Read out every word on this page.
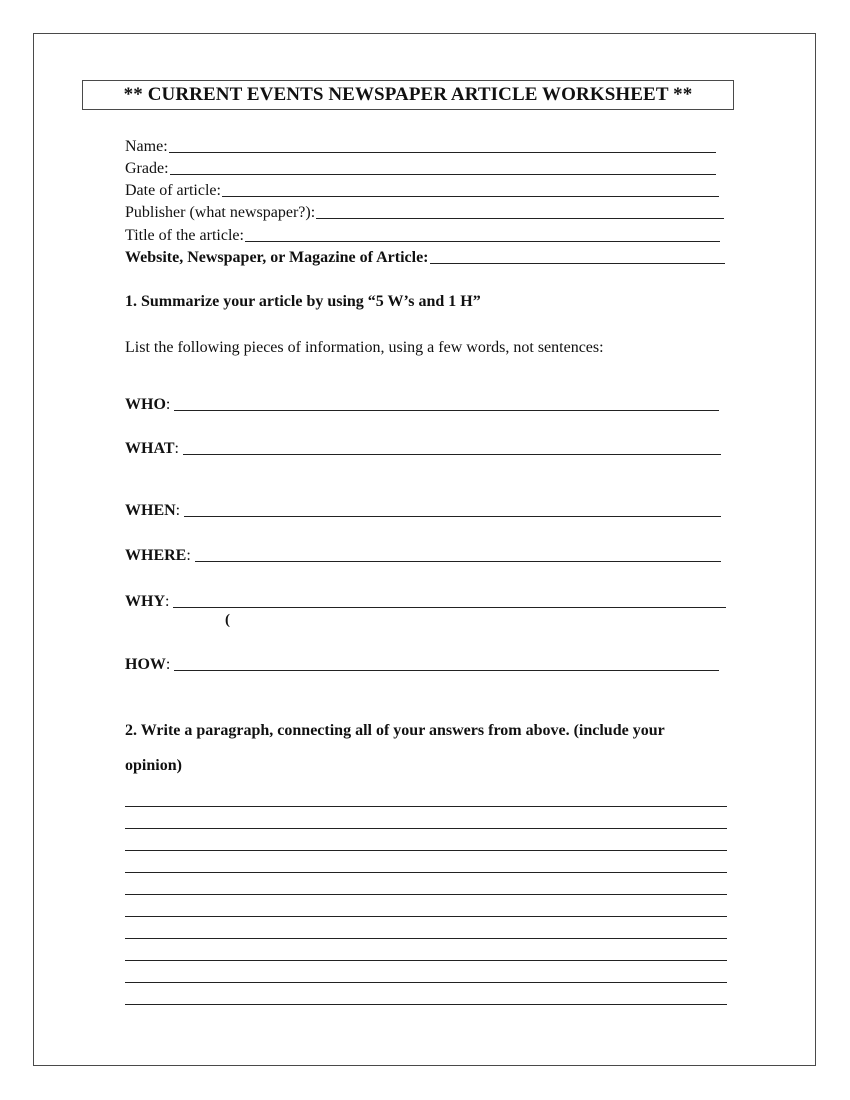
** CURRENT EVENTS NEWSPAPER ARTICLE WORKSHEET **
Name:
Grade:
Date of article:
Publisher (what newspaper?):
Title of the article:
Website, Newspaper, or Magazine of Article:
1. Summarize your article by using “5 W’s and 1 H”
List the following pieces of information, using a few words, not sentences:
WHO :
WHAT :
WHEN :
WHERE :
WHY :
(
HOW :
2. Write a paragraph, connecting all of your answers from above. (include your
opinion)
